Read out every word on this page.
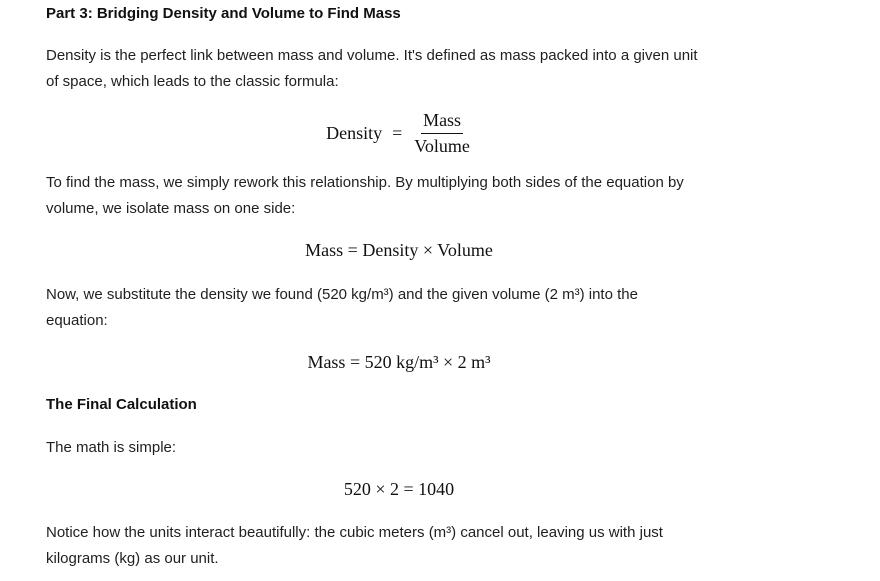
Part 3: Bridging Density and Volume to Find Mass
Density is the perfect link between mass and volume. It's defined as mass packed into a given unit
of space, which leads to the classic formula:
Density = $\frac{\text{Mass}}{\text{Volume}}$
To find the mass, we simply rework this relationship. By multiplying both sides of the equation by
volume, we isolate mass on one side:
Mass = Density × Volume
Now, we substitute the density we found (520 kg/m³) and the given volume (2 m³) into the
equation:
Mass = 520 kg/m³ × 2 m³
The Final Calculation
The math is simple:
520 × 2 = 1040
Notice how the units interact beautifully: the cubic meters (m³) cancel out, leaving us with just
kilograms (kg) as our unit.
